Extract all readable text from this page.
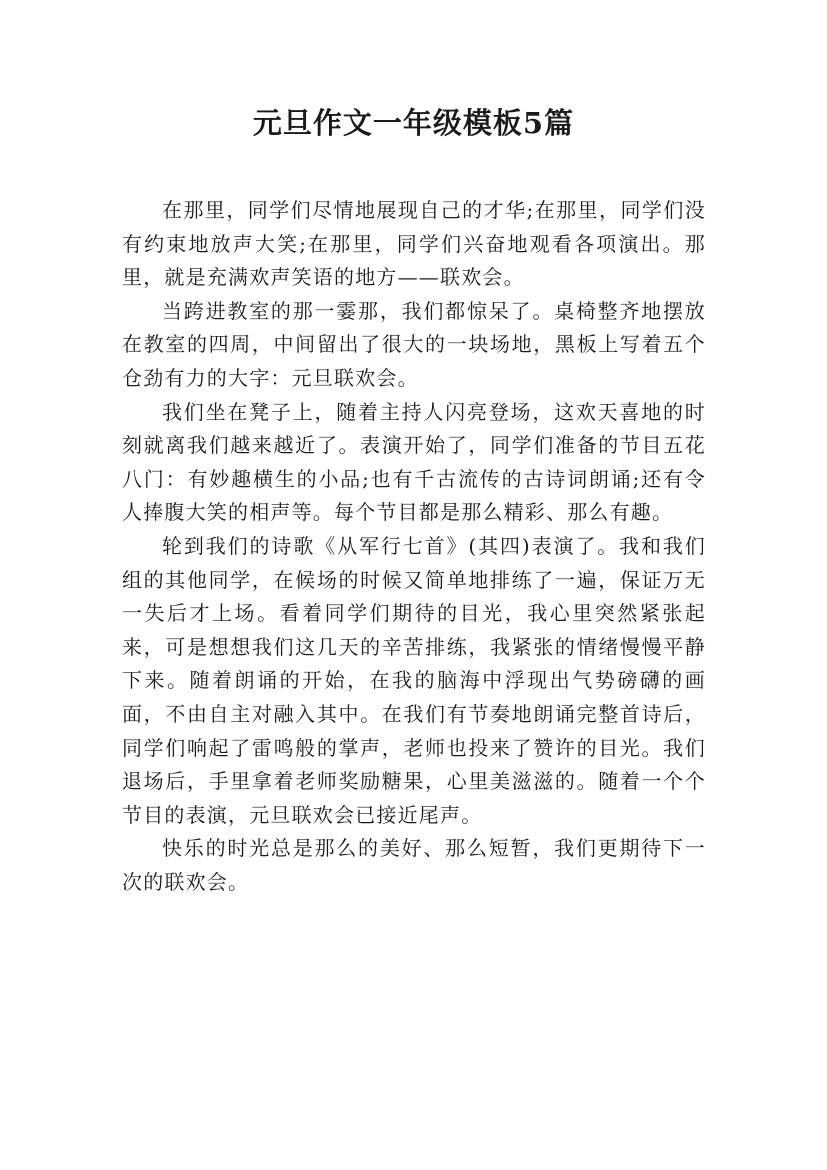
元旦作文一年级模板5篇

在那里，同学们尽情地展现自己的才华;在那里，同学们没有约束地放声大笑;在那里，同学们兴奋地观看各项演出。那里，就是充满欢声笑语的地方——联欢会。

当跨进教室的那一霎那，我们都惊呆了。桌椅整齐地摆放在教室的四周，中间留出了很大的一块场地，黑板上写着五个仓劲有力的大字：元旦联欢会。

我们坐在凳子上，随着主持人闪亮登场，这欢天喜地的时刻就离我们越来越近了。表演开始了，同学们准备的节目五花八门：有妙趣横生的小品;也有千古流传的古诗词朗诵;还有令人捧腹大笑的相声等。每个节目都是那么精彩、那么有趣。

轮到我们的诗歌《从军行七首》(其四)表演了。我和我们组的其他同学，在候场的时候又简单地排练了一遍，保证万无一失后才上场。看着同学们期待的目光，我心里突然紧张起来，可是想想我们这几天的辛苦排练，我紧张的情绪慢慢平静下来。随着朗诵的开始，在我的脑海中浮现出气势磅礴的画面，不由自主对融入其中。在我们有节奏地朗诵完整首诗后，同学们响起了雷鸣般的掌声，老师也投来了赞许的目光。我们退场后，手里拿着老师奖励糖果，心里美滋滋的。随着一个个节目的表演，元旦联欢会已接近尾声。

快乐的时光总是那么的美好、那么短暂，我们更期待下一次的联欢会。
